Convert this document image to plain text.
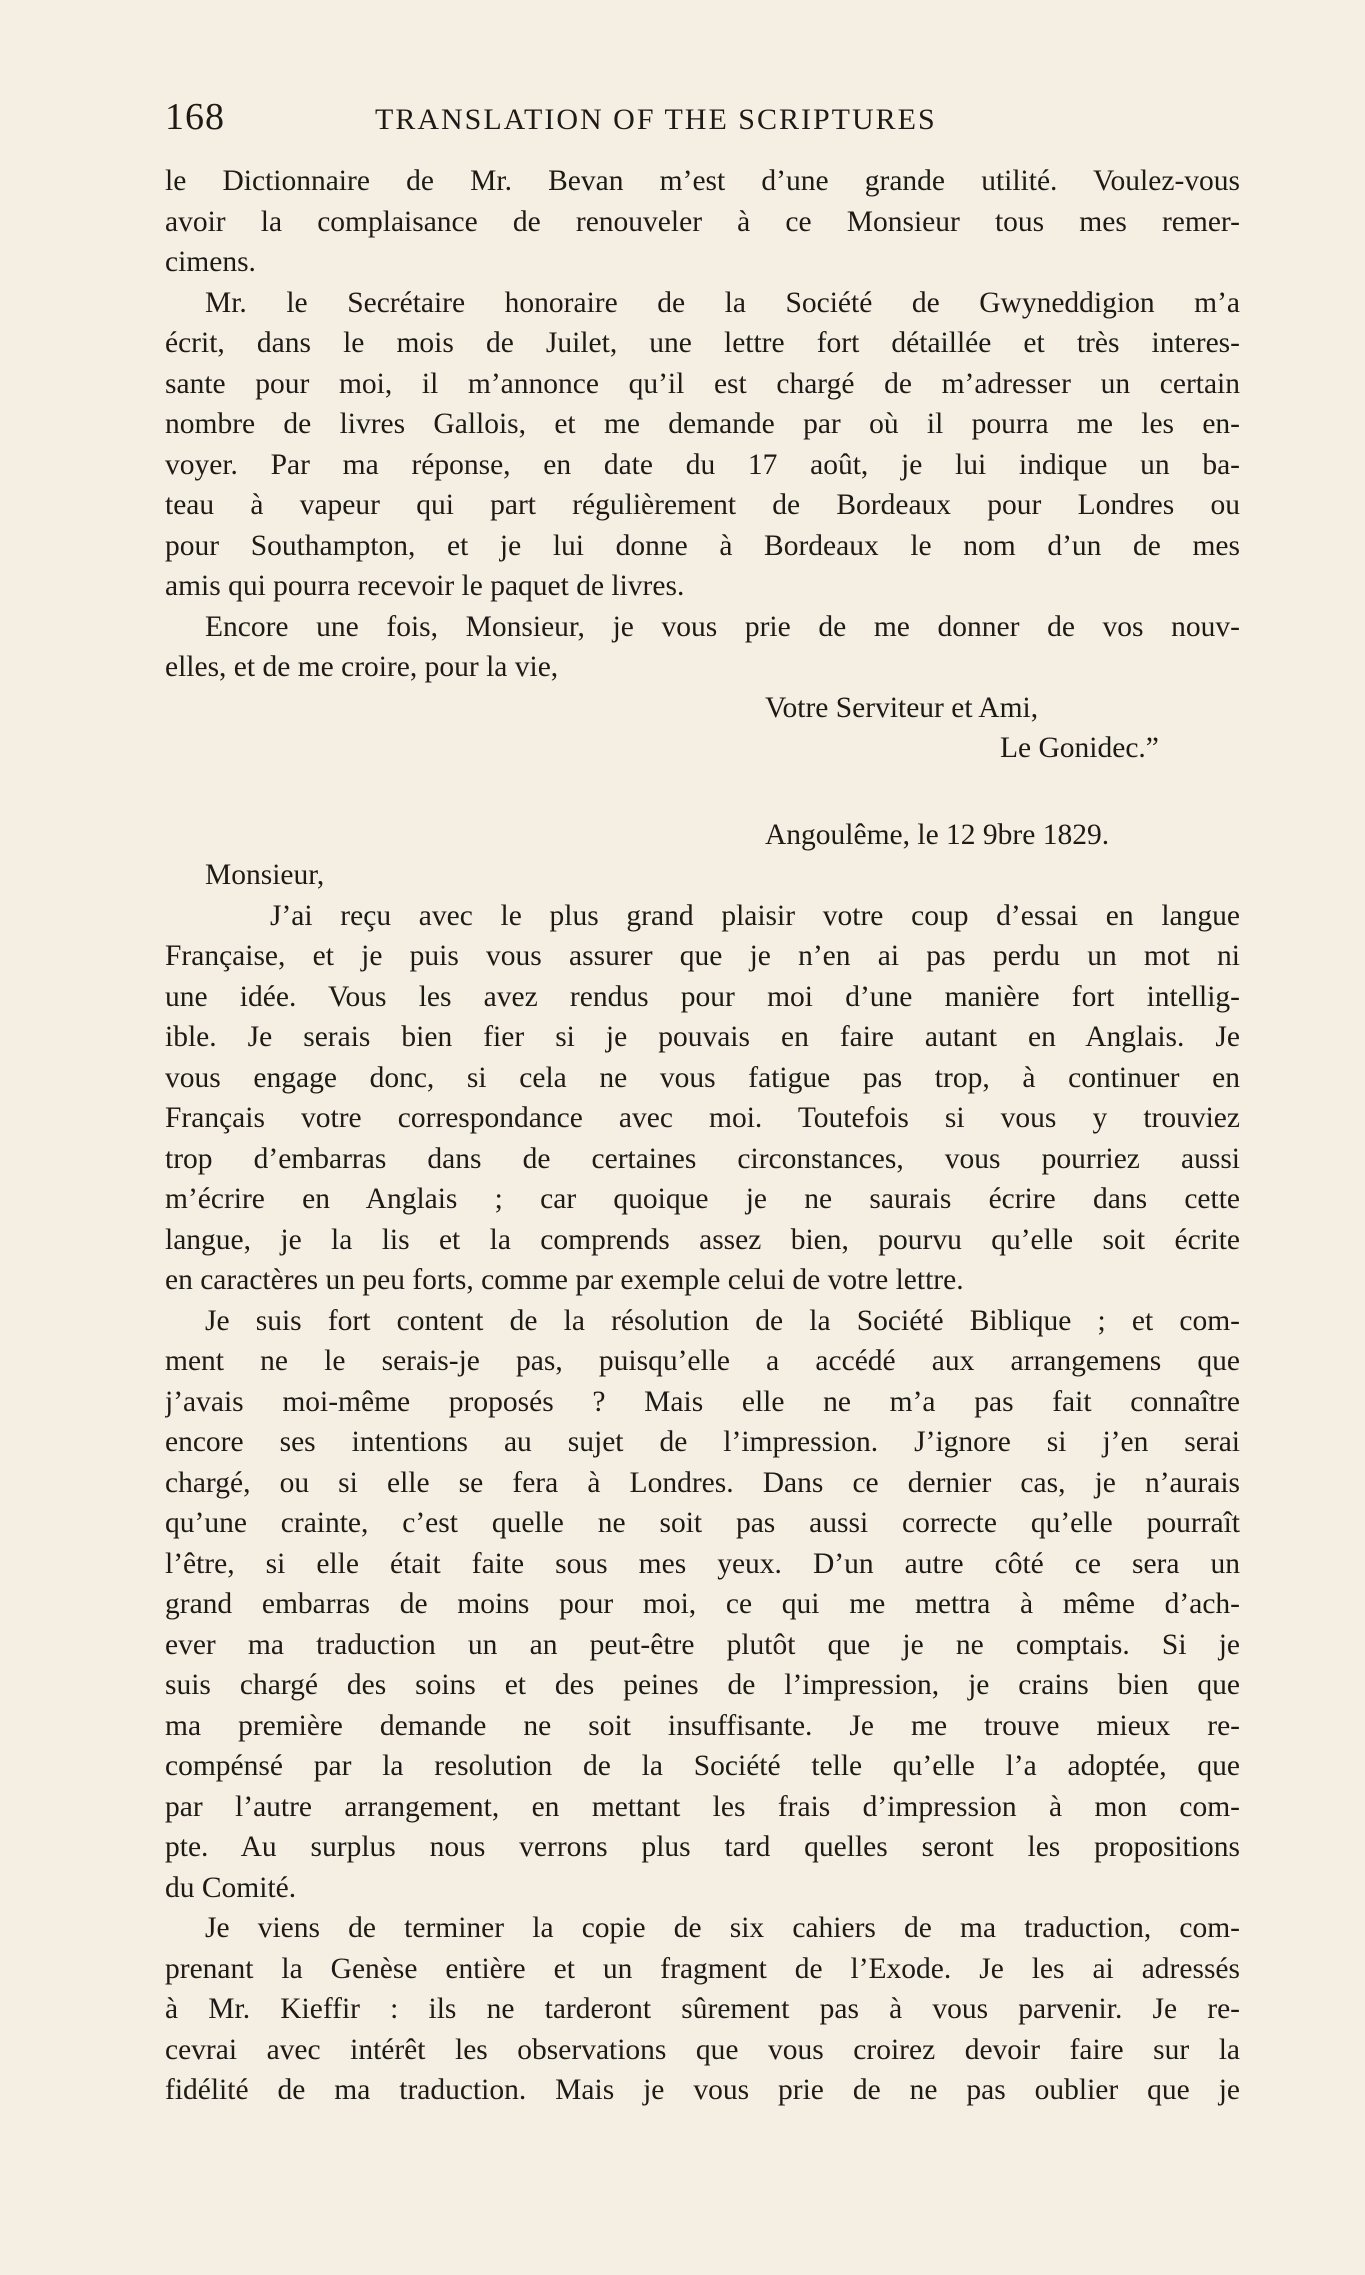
168	TRANSLATION OF THE SCRIPTURES
le Dictionnaire de Mr. Bevan m’est d’une grande utilité. Voulez-vous
avoir la complaisance de renouveler à ce Monsieur tous mes remer-
cimens.
Mr. le Secrétaire honoraire de la Société de Gwyneddigion m’a
écrit, dans le mois de Juilet, une lettre fort détaillée et très interes-
sante pour moi, il m’annonce qu’il est chargé de m’adresser un certain
nombre de livres Gallois, et me demande par où il pourra me les en-
voyer. Par ma réponse, en date du 17 août, je lui indique un ba-
teau à vapeur qui part régulièrement de Bordeaux pour Londres ou
pour Southampton, et je lui donne à Bordeaux le nom d’un de mes
amis qui pourra recevoir le paquet de livres.
Encore une fois, Monsieur, je vous prie de me donner de vos nouv-
elles, et de me croire, pour la vie,
Votre Serviteur et Ami,
Le Gonidec.”
Angoulême, le 12 9bre 1829.
Monsieur,
J’ai reçu avec le plus grand plaisir votre coup d’essai en langue
Française, et je puis vous assurer que je n’en ai pas perdu un mot ni
une idée. Vous les avez rendus pour moi d’une manière fort intellig-
ible. Je serais bien fier si je pouvais en faire autant en Anglais. Je
vous engage donc, si cela ne vous fatigue pas trop, à continuer en
Français votre correspondance avec moi. Toutefois si vous y trouviez
trop d’embarras dans de certaines circonstances, vous pourriez aussi
m’écrire en Anglais ; car quoique je ne saurais écrire dans cette
langue, je la lis et la comprends assez bien, pourvu qu’elle soit écrite
en caractères un peu forts, comme par exemple celui de votre lettre.
Je suis fort content de la résolution de la Société Biblique ; et com-
ment ne le serais-je pas, puisqu’elle a accédé aux arrangemens que
j’avais moi-même proposés ? Mais elle ne m’a pas fait connaître
encore ses intentions au sujet de l’impression. J’ignore si j’en serai
chargé, ou si elle se fera à Londres. Dans ce dernier cas, je n’aurais
qu’une crainte, c’est quelle ne soit pas aussi correcte qu’elle pourraît
l’être, si elle était faite sous mes yeux. D’un autre côté ce sera un
grand embarras de moins pour moi, ce qui me mettra à même d’ach-
ever ma traduction un an peut-être plutôt que je ne comptais. Si je
suis chargé des soins et des peines de l’impression, je crains bien que
ma première demande ne soit insuffisante. Je me trouve mieux re-
compénsé par la resolution de la Société telle qu’elle l’a adoptée, que
par l’autre arrangement, en mettant les frais d’impression à mon com-
pte. Au surplus nous verrons plus tard quelles seront les propositions
du Comité.
Je viens de terminer la copie de six cahiers de ma traduction, com-
prenant la Genèse entière et un fragment de l’Exode. Je les ai adressés
à Mr. Kieffir : ils ne tarderont sûrement pas à vous parvenir. Je re-
cevrai avec intérêt les observations que vous croirez devoir faire sur la
fidélité de ma traduction. Mais je vous prie de ne pas oublier que je
